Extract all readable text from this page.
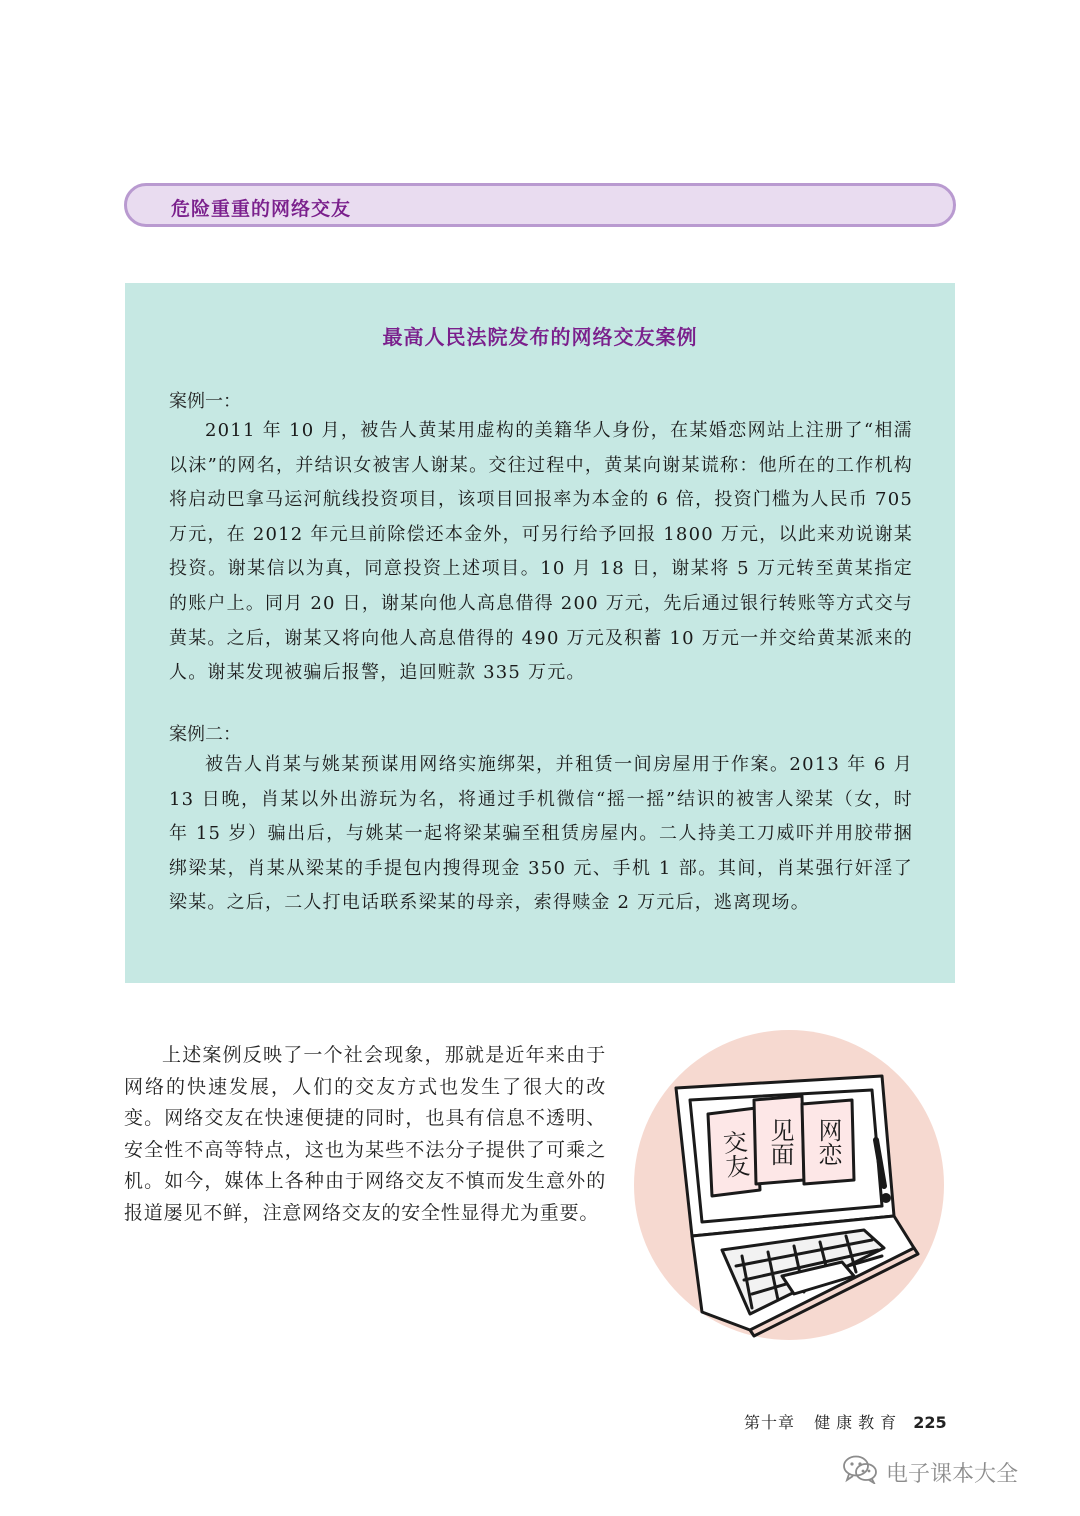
危险重重的网络交友
最高人民法院发布的网络交友案例
案例一：
2011 年 10 月，被告人黄某用虚构的美籍华人身份，在某婚恋网站上注册了“相濡以沫”的网名，并结识女被害人谢某。交往过程中，黄某向谢某谎称：他所在的工作机构将启动巴拿马运河航线投资项目，该项目回报率为本金的 6 倍，投资门槛为人民币 705 万元，在 2012 年元旦前除偿还本金外，可另行给予回报 1800 万元，以此来劝说谢某投资。谢某信以为真，同意投资上述项目。10 月 18 日，谢某将 5 万元转至黄某指定的账户上。同月 20 日，谢某向他人高息借得 200 万元，先后通过银行转账等方式交与黄某。之后，谢某又将向他人高息借得的 490 万元及积蓄 10 万元一并交给黄某派来的人。谢某发现被骗后报警，追回赃款 335 万元。
案例二：
被告人肖某与姚某预谋用网络实施绑架，并租赁一间房屋用于作案。2013 年 6 月 13 日晚，肖某以外出游玩为名，将通过手机微信“摇一摇”结识的被害人梁某（女，时年 15 岁）骗出后，与姚某一起将梁某骗至租赁房屋内。二人持美工刀威吓并用胶带捆绑梁某，肖某从梁某的手提包内搜得现金 350 元、手机 1 部。其间，肖某强行奸淫了梁某。之后，二人打电话联系梁某的母亲，索得赎金 2 万元后，逃离现场。
上述案例反映了一个社会现象，那就是近年来由于网络的快速发展，人们的交友方式也发生了很大的改变。网络交友在快速便捷的同时，也具有信息不透明、安全性不高等特点，这也为某些不法分子提供了可乘之机。如今，媒体上各种由于网络交友不慎而发生意外的报道屡见不鲜，注意网络交友的安全性显得尤为重要。
交友 见面 网恋
第十章 健康教育 225
电子课本大全
